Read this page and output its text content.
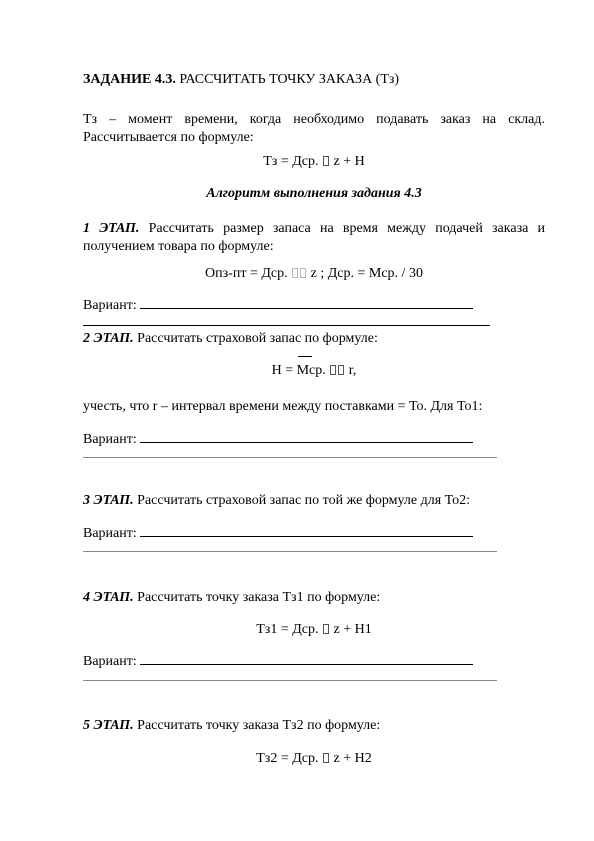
ЗАДАНИЕ 4.3. РАССЧИТАТЬ ТОЧКУ ЗАКАЗА (Тз)
Тз – момент времени, когда необходимо подавать заказ на склад.
Рассчитывается по формуле:
Тз = Дср. z + H
Алгоритм выполнения задания 4.3
1 ЭТАП. Рассчитать размер запаса на время между подачей заказа и
получением товара по формуле:
Опз-пт = Дср. z ; Дср. = Мср. / 30
Вариант:
2 ЭТАП. Рассчитать страховой запас по формуле:
H = Мср. r,
учесть, что r – интервал времени между поставками = То. Для То1:
Вариант:
3 ЭТАП. Рассчитать страховой запас по той же формуле для То2:
Вариант:
4 ЭТАП. Рассчитать точку заказа Тз1 по формуле:
Тз1 = Дср. z + H1
Вариант:
5 ЭТАП. Рассчитать точку заказа Тз2 по формуле:
Тз2 = Дср. z + H2
